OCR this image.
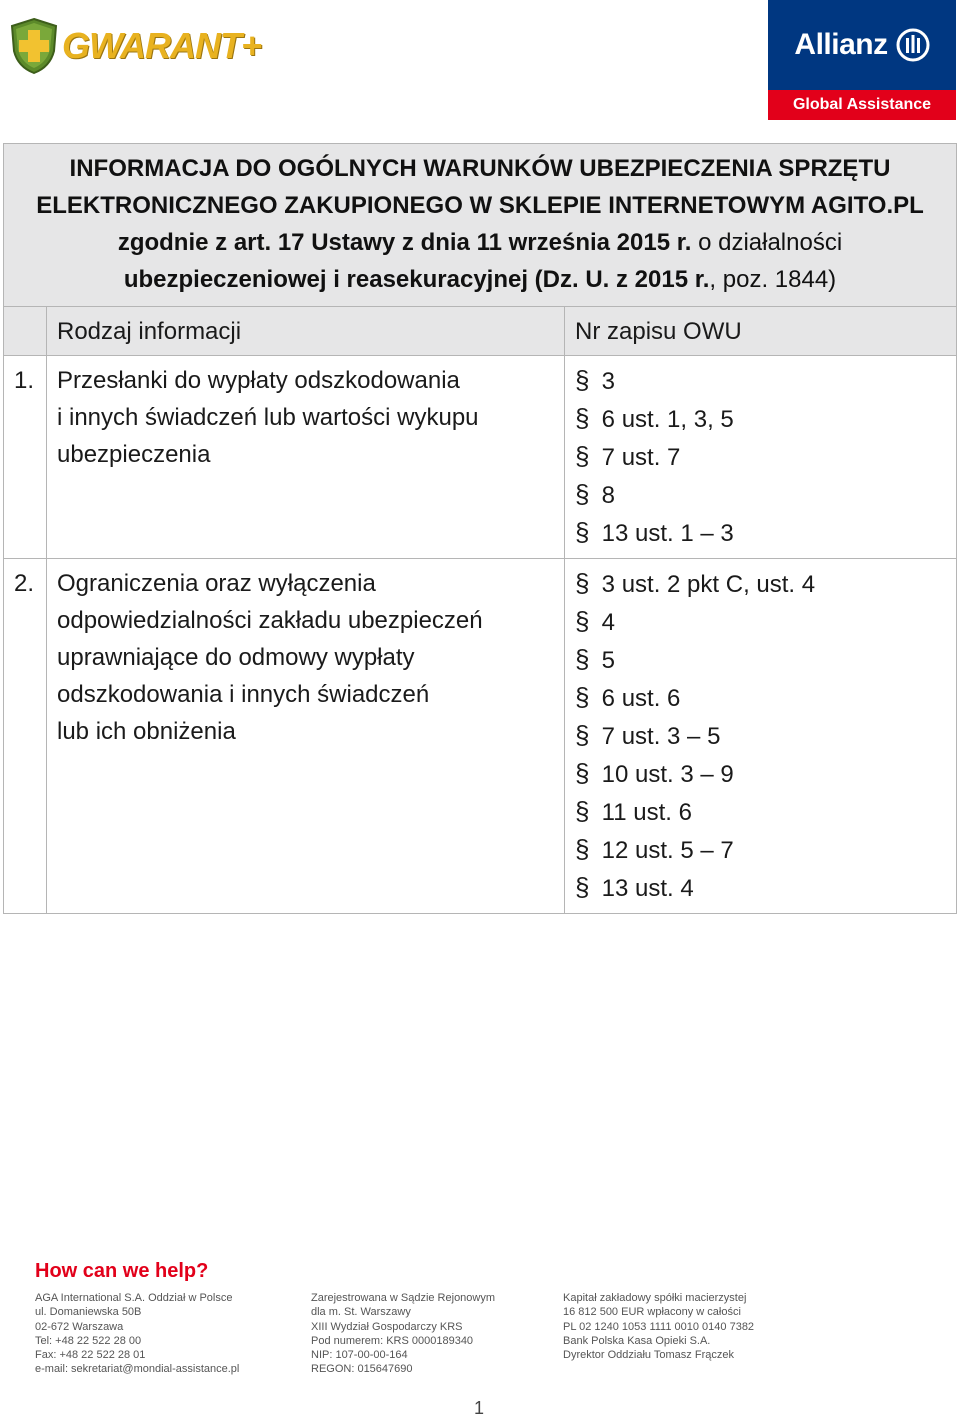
GWARANT+	Allianz
Global Assistance
INFORMACJA DO OGÓLNYCH WARUNKÓW UBEZPIECZENIA SPRZĘTU
ELEKTRONICZNEGO ZAKUPIONEGO W SKLEPIE INTERNETOWYM AGITO.PL
zgodnie z art. 17 Ustawy z dnia 11 września 2015 r. o działalności
ubezpieczeniowej i reasekuracyjnej (Dz. U. z 2015 r., poz. 1844)
Rodzaj informacji	Nr zapisu OWU
1. Przesłanki do wypłaty odszkodowania
i innych świadczeń lub wartości wykupu
ubezpieczenia
§ 3
§ 6 ust. 1, 3, 5
§ 7 ust. 7
§ 8
§ 13 ust. 1 – 3
2. Ograniczenia oraz wyłączenia
odpowiedzialności zakładu ubezpieczeń
uprawniające do odmowy wypłaty
odszkodowania i innych świadczeń
lub ich obniżenia
§ 3 ust. 2 pkt C, ust. 4
§ 4
§ 5
§ 6 ust. 6
§ 7 ust. 3 – 5
§ 10 ust. 3 – 9
§ 11 ust. 6
§ 12 ust. 5 – 7
§ 13 ust. 4
How can we help?
AGA International S.A. Oddział w Polsce
ul. Domaniewska 50B
02-672 Warszawa
Tel: +48 22 522 28 00
Fax: +48 22 522 28 01
e-mail: sekretariat@mondial-assistance.pl
Zarejestrowana w Sądzie Rejonowym
dla m. St. Warszawy
XIII Wydział Gospodarczy KRS
Pod numerem: KRS 0000189340
NIP: 107-00-00-164
REGON: 015647690
Kapitał zakładowy spółki macierzystej
16 812 500 EUR wpłacony w całości
PL 02 1240 1053 1111 0010 0140 7382
Bank Polska Kasa Opieki S.A.
Dyrektor Oddziału Tomasz Frączek
1
